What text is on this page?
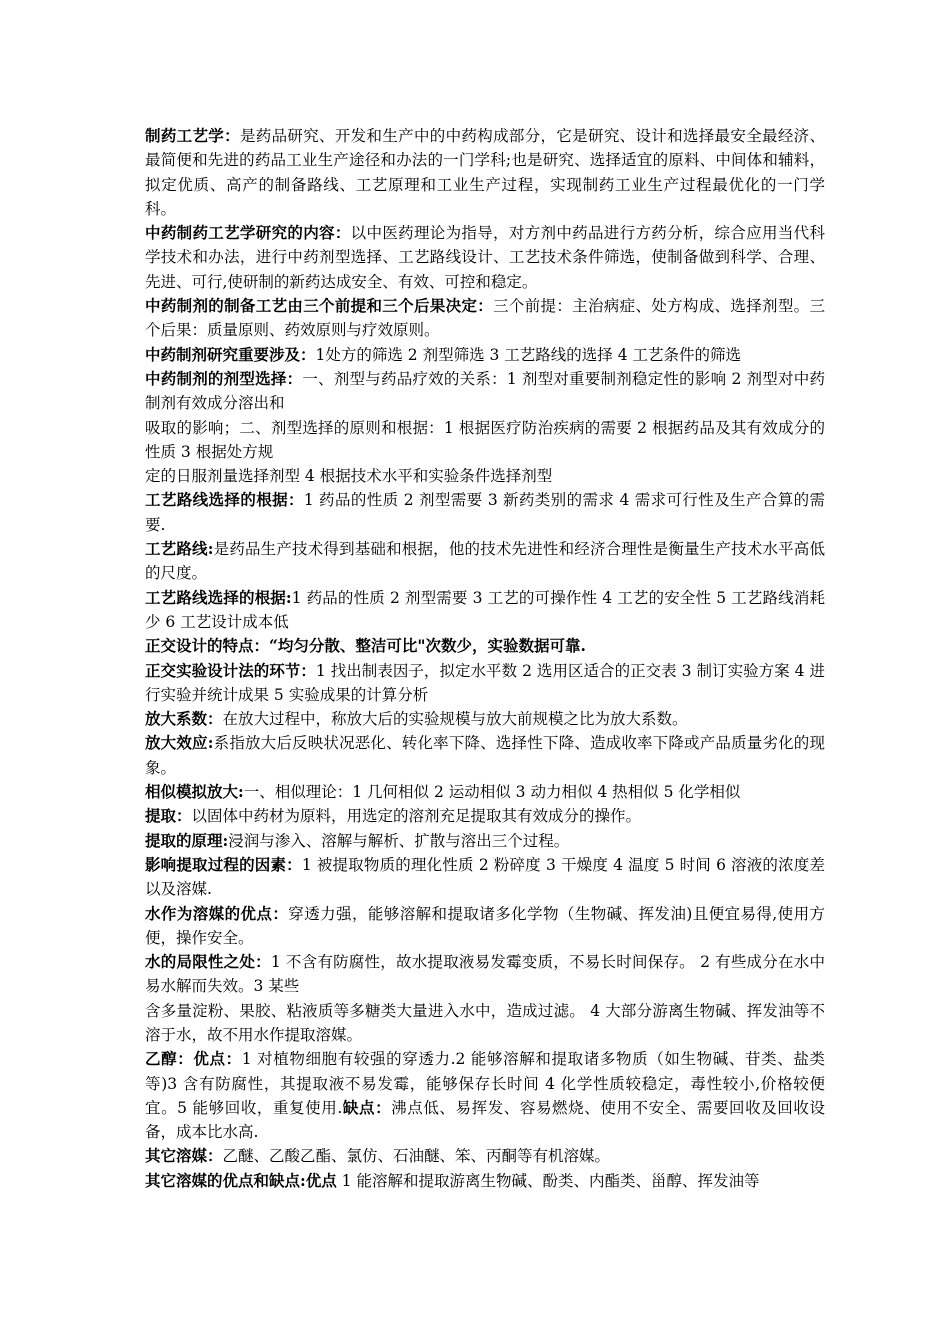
制药工艺学：是药品研究、开发和生产中的中药构成部分，它是研究、设计和选择最安全最经济、最简便和先进的药品工业生产途径和办法的一门学科;也是研究、选择适宜的原料、中间体和辅料，拟定优质、高产的制备路线、工艺原理和工业生产过程，实现制药工业生产过程最优化的一门学科。

中药制药工艺学研究的内容：以中医药理论为指导，对方剂中药品进行方药分析，综合应用当代科学技术和办法，进行中药剂型选择、工艺路线设计、工艺技术条件筛选，使制备做到科学、合理、先进、可行,使研制的新药达成安全、有效、可控和稳定。

中药制剂的制备工艺由三个前提和三个后果决定：三个前提：主治病症、处方构成、选择剂型。三个后果：质量原则、药效原则与疗效原则。

中药制剂研究重要涉及：1处方的筛选 2 剂型筛选 3 工艺路线的选择 4 工艺条件的筛选

中药制剂的剂型选择：一、剂型与药品疗效的关系：1 剂型对重要制剂稳定性的影响 2 剂型对中药制剂有效成分溶出和

吸取的影响；二、剂型选择的原则和根据：1 根据医疗防治疾病的需要 2 根据药品及其有效成分的性质 3 根据处方规

定的日服剂量选择剂型 4 根据技术水平和实验条件选择剂型

工艺路线选择的根据：1 药品的性质 2 剂型需要 3 新药类别的需求 4 需求可行性及生产合算的需要.

工艺路线:是药品生产技术得到基础和根据，他的技术先进性和经济合理性是衡量生产技术水平高低的尺度。

工艺路线选择的根据:1 药品的性质 2 剂型需要 3 工艺的可操作性 4 工艺的安全性 5 工艺路线消耗少 6 工艺设计成本低

正交设计的特点：“均匀分散、整洁可比"次数少，实验数据可靠.

正交实验设计法的环节：1 找出制表因子，拟定水平数 2 选用区适合的正交表 3 制订实验方案 4 进行实验并统计成果 5 实验成果的计算分析

放大系数：在放大过程中，称放大后的实验规模与放大前规模之比为放大系数。

放大效应:系指放大后反映状况恶化、转化率下降、选择性下降、造成收率下降或产品质量劣化的现象。

相似模拟放大:一、相似理论：1 几何相似 2 运动相似 3 动力相似 4 热相似 5 化学相似

提取：以固体中药材为原料，用选定的溶剂充足提取其有效成分的操作。

提取的原理:浸润与渗入、溶解与解析、扩散与溶出三个过程。

影响提取过程的因素：1 被提取物质的理化性质 2 粉碎度 3 干燥度 4 温度 5 时间 6 溶液的浓度差以及溶媒.

水作为溶媒的优点：穿透力强，能够溶解和提取诸多化学物（生物碱、挥发油)且便宜易得,使用方便，操作安全。

水的局限性之处：1 不含有防腐性，故水提取液易发霉变质，不易长时间保存。 2 有些成分在水中易水解而失效。3 某些

含多量淀粉、果胶、粘液质等多糖类大量进入水中，造成过滤。 4 大部分游离生物碱、挥发油等不溶于水，故不用水作提取溶媒。

乙醇：优点：1 对植物细胞有较强的穿透力.2 能够溶解和提取诸多物质（如生物碱、苷类、盐类等)3 含有防腐性，其提取液不易发霉，能够保存长时间 4 化学性质较稳定，毒性较小,价格较便宜。5 能够回收，重复使用.缺点：沸点低、易挥发、容易燃烧、使用不安全、需要回收及回收设备，成本比水高.

其它溶媒：乙醚、乙酸乙酯、氯仿、石油醚、笨、丙酮等有机溶媒。

其它溶媒的优点和缺点:优点 1 能溶解和提取游离生物碱、酚类、内酯类、甾醇、挥发油等
